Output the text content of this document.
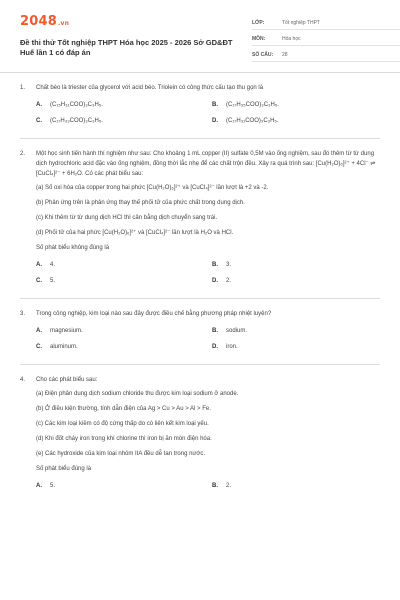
2048.vn
Đề thi thử Tốt nghiệp THPT Hóa học 2025 - 2026 Sở GD&ĐT Huế lần 1 có đáp án
LỚP:	Tốt nghiệp THPT
MÔN:	Hóa học
SỐ CÂU:	28
1.	Chất béo là triester của glycerol với acid béo. Triolein có công thức cấu tạo thu gọn là
A.	(C₁₅H₃₁COO)₃C₃H₅.	B.	(C₁₇H₃₅COO)₃C₃H₅.
C.	(C₁₇H₃₃COO)₃C₃H₅.	D.	(C₁₇H₃₁COO)₃C₃H₅.
2.	Một học sinh tiến hành thí nghiệm như sau: Cho khoảng 1 mL copper (II) sulfate 0,5M vào ống nghiệm, sau đó thêm từ từ dung dịch hydrochloric acid đặc vào ống nghiệm, đồng thời lắc nhẹ để các chất trộn đều. Xảy ra quá trình sau: [Cu(H₂O)₆]²⁺ + 4Cl⁻ ⇌ [CuCl₄]²⁻ + 6H₂O. Có các phát biểu sau:
(a) Số oxi hóa của copper trong hai phức [Cu(H₂O)₆]²⁺ và [CuCl₄]²⁻ lần lượt là +2 và -2.
(b) Phản ứng trên là phản ứng thay thế phối tử của phức chất trong dung dịch.
(c) Khi thêm từ từ dung dịch HCl thì cân bằng dịch chuyển sang trái.
(d) Phối tử của hai phức [Cu(H₂O)₆]²⁺ và [CuCl₄]²⁻ lần lượt là H₂O và HCl.
Số phát biểu không đúng là
A.	4.	B.	3.
C.	5.	D.	2.
3.	Trong công nghiệp, kim loại nào sau đây được điều chế bằng phương pháp nhiệt luyện?
A.	magnesium.	B.	sodium.
C.	aluminum.	D.	iron.
4.	Cho các phát biểu sau:
(a) Điện phân dung dịch sodium chloride thu được kim loại sodium ở anode.
(b) Ở điều kiện thường, tính dẫn điện của Ag > Cu > Au > Al > Fe.
(c) Các kim loại kiềm có độ cứng thấp do có liên kết kim loại yếu.
(d) Khi đốt cháy iron trong khí chlorine thì iron bị ăn mòn điện hóa.
(e) Các hydroxide của kim loại nhóm IIA đều dễ tan trong nước.
Số phát biểu đúng là
A.	5.	B.	2.
